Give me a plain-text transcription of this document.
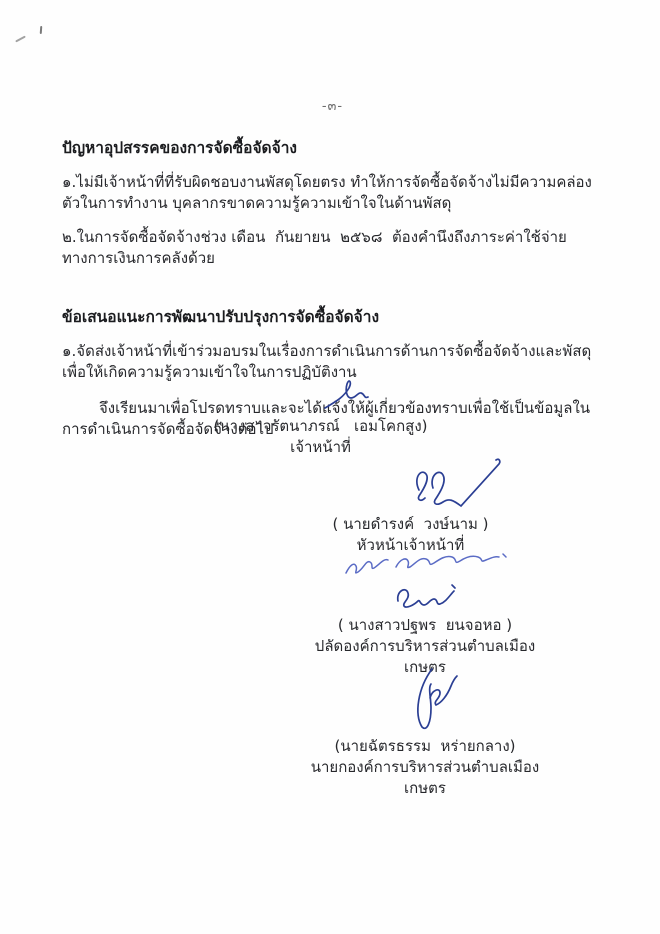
-๓-
ปัญหาอุปสรรคของการจัดซื้อจัดจ้าง
๑.ไม่มีเจ้าหน้าที่ที่รับผิดชอบงานพัสดุโดยตรง ทำให้การจัดซื้อจัดจ้างไม่มีความคล่องตัวในการทำงาน บุคลากรขาดความรู้ความเข้าใจในด้านพัสดุ
๒.ในการจัดซื้อจัดจ้างช่วง เดือน  กันยายน  ๒๕๖๘  ต้องคำนึงถึงภาระค่าใช้จ่ายทางการเงินการคลังด้วย
ข้อเสนอแนะการพัฒนาปรับปรุงการจัดซื้อจัดจ้าง
๑.จัดส่งเจ้าหน้าที่เข้าร่วมอบรมในเรื่องการดำเนินการด้านการจัดซื้อจัดจ้างและพัสดุเพื่อให้เกิดความรู้ความเข้าใจในการปฏิบัติงาน
จึงเรียนมาเพื่อโปรดทราบและจะได้แจ้งให้ผู้เกี่ยวข้องทราบเพื่อใช้เป็นข้อมูลในการดำเนินการจัดซื้อจัดจ้างต่อไป
(นางสาวรัตนาภรณ์   เอมโคกสูง)
เจ้าหน้าที่
( นายดำรงค์  วงษ์นาม )
หัวหน้าเจ้าหน้าที่
( นางสาวปฐพร  ยนจอหอ )
ปลัดองค์การบริหารส่วนตำบลเมืองเกษตร
(นายฉัตรธรรม  หร่ายกลาง)
นายกองค์การบริหารส่วนตำบลเมืองเกษตร
